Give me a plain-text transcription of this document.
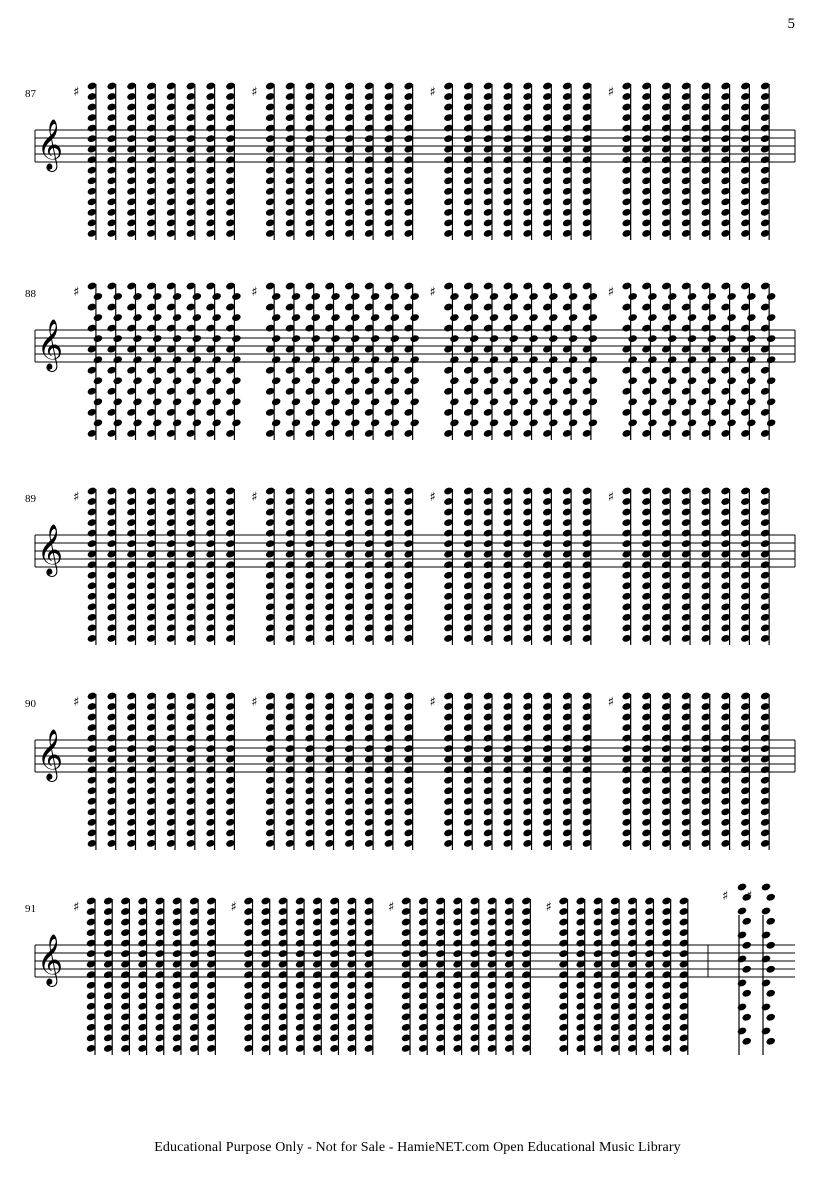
5
87
𝄞
♯	♯	♯	♯
88
𝄞
♯	♯	♯	♯
89
𝄞
♯	♯	♯	♯
90
𝄞
♯	♯	♯	♯
91
𝄞
♯	♯	♯	♯
♯ ♯
Educational Purpose Only - Not for Sale - HamieNET.com Open Educational Music Library
